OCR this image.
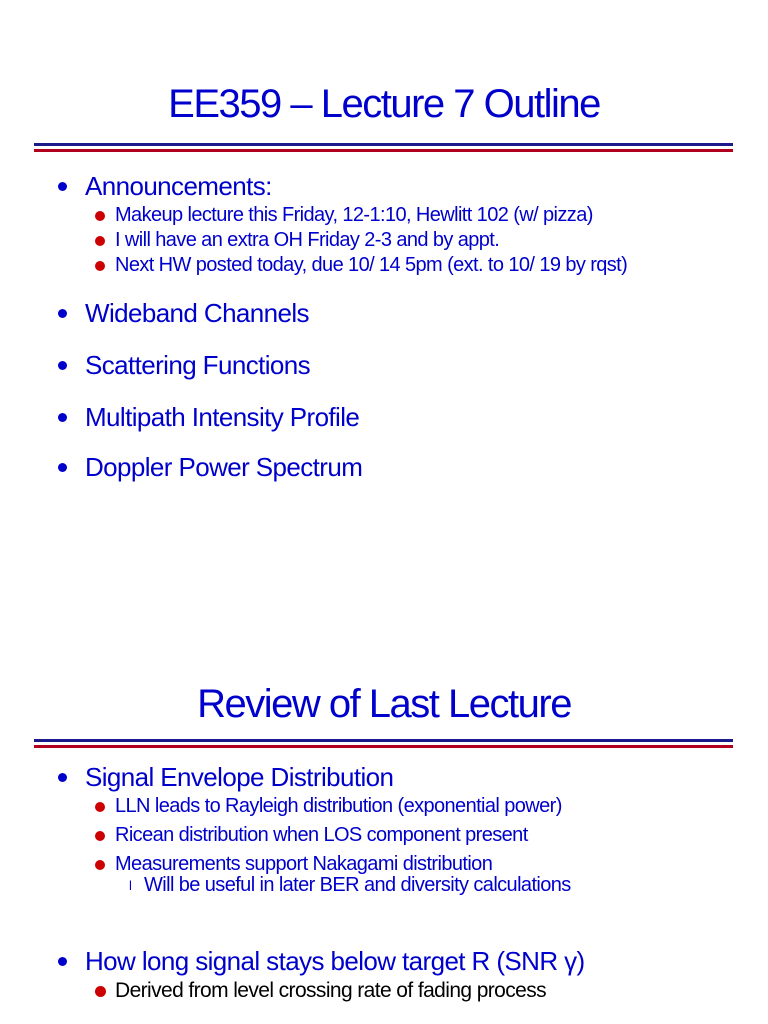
EE359 – Lecture 7 Outline
Announcements:
Makeup lecture this Friday, 12-1:10, Hewlitt 102 (w/ pizza)
I will have an extra OH Friday 2-3 and by appt.
Next HW posted today, due 10/ 14 5pm (ext. to 10/ 19 by rqst)
Wideband Channels
Scattering Functions
Multipath Intensity Profile
Doppler Power Spectrum
Review of Last Lecture
Signal Envelope Distribution
LLN leads to Rayleigh distribution (exponential power)
Ricean distribution when LOS component present
Measurements support Nakagami distribution
l Will be useful in later BER and diversity calculations
How long signal stays below target R (SNR γ)
Derived from level crossing rate of fading process
